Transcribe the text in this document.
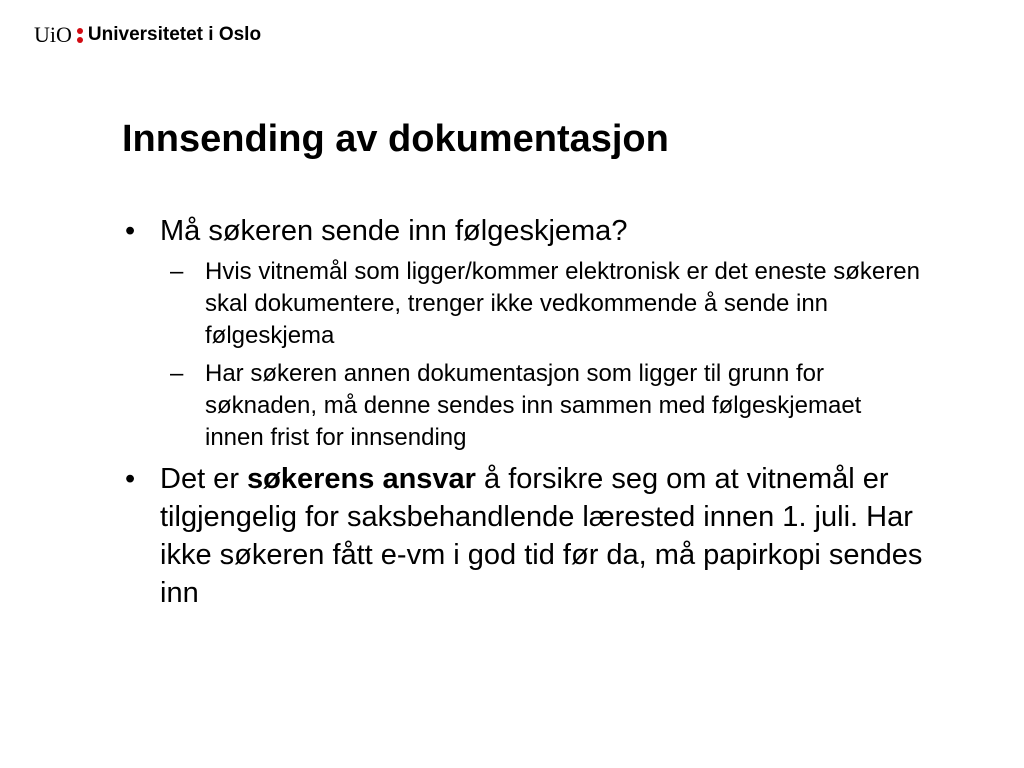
UiO Universitetet i Oslo
Innsending av dokumentasjon
• Må søkeren sende inn følgeskjema?
– Hvis vitnemål som ligger/kommer elektronisk er det eneste søkeren skal dokumentere, trenger ikke vedkommende å sende inn følgeskjema
– Har søkeren annen dokumentasjon som ligger til grunn for søknaden, må denne sendes inn sammen med følgeskjemaet innen frist for innsending
• Det er søkerens ansvar å forsikre seg om at vitnemål er tilgjengelig for saksbehandlende lærested innen 1. juli. Har ikke søkeren fått e-vm i god tid før da, må papirkopi sendes inn
